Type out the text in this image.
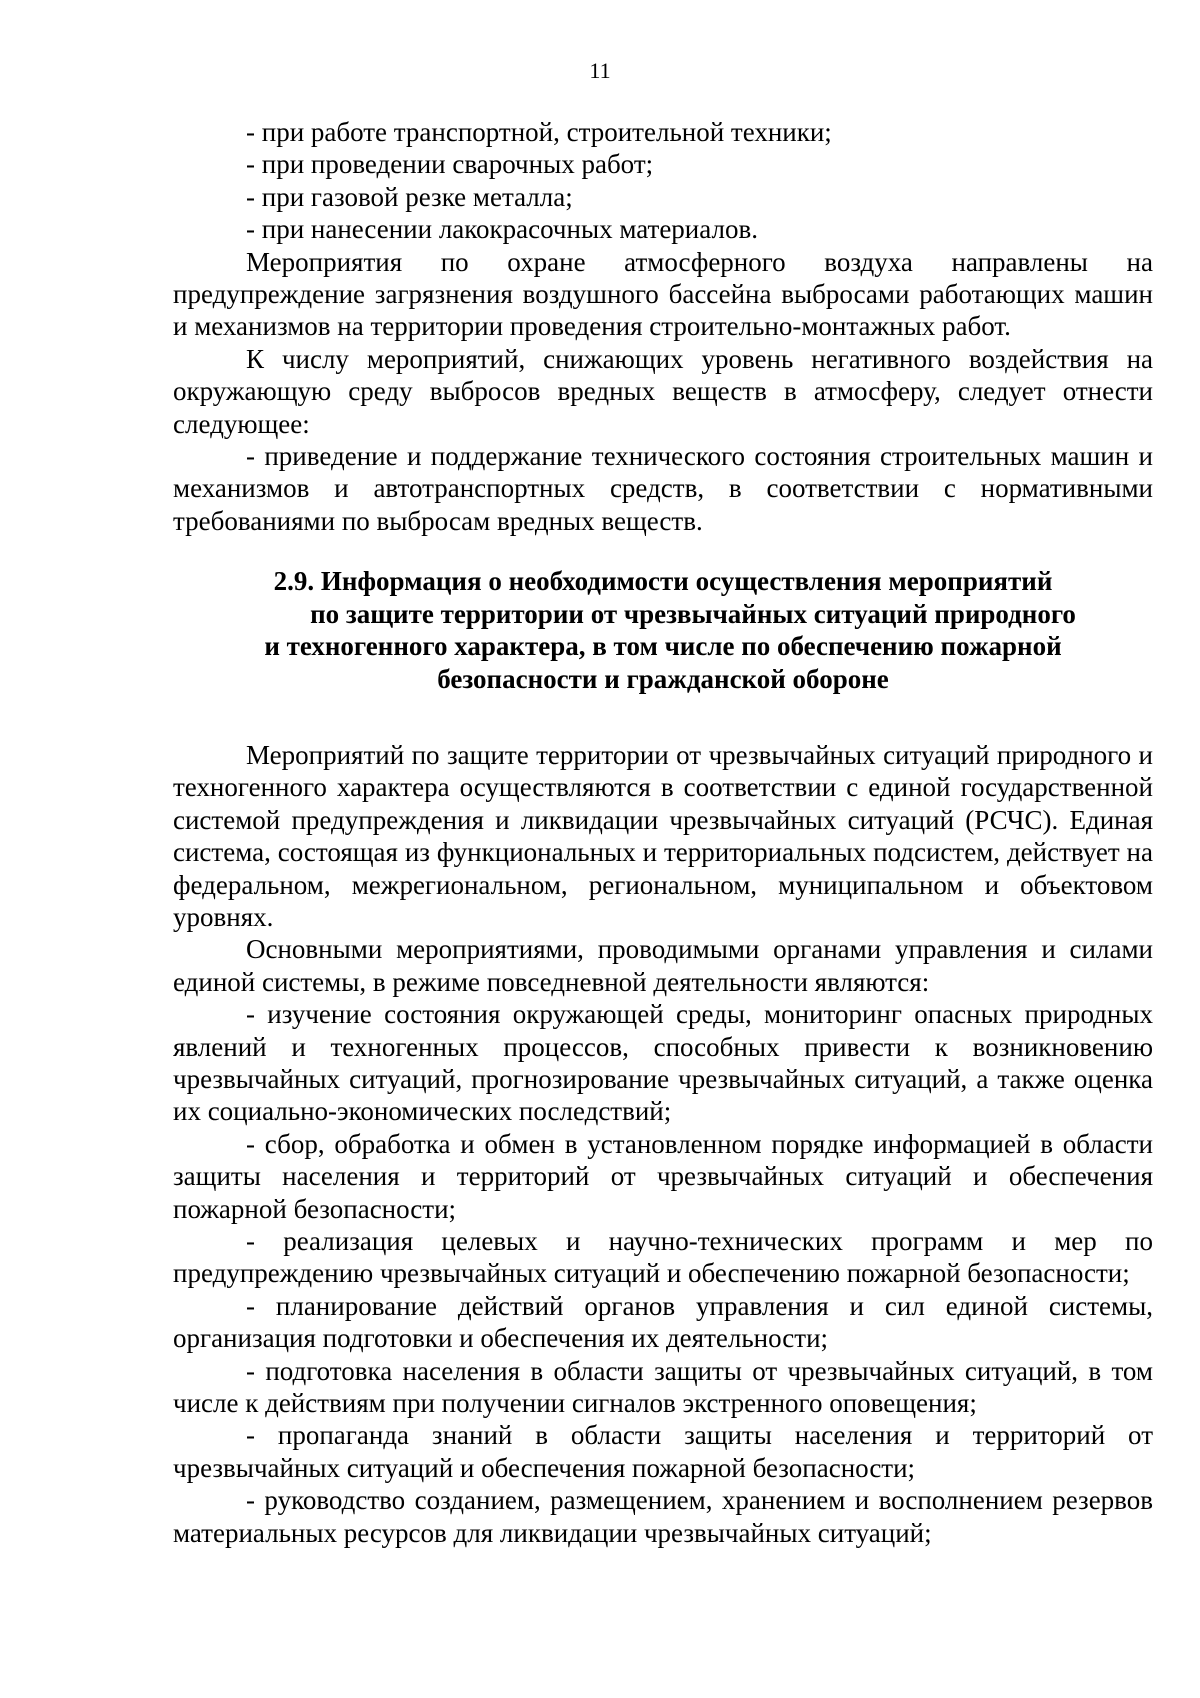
11

- при работе транспортной, строительной техники;

- при проведении сварочных работ;

- при газовой резке металла;

- при нанесении лакокрасочных материалов.

Мероприятия по охране атмосферного воздуха направлены на предупреждение загрязнения воздушного бассейна выбросами работающих машин и механизмов на территории проведения строительно-монтажных работ.

К числу мероприятий, снижающих уровень негативного воздействия на окружающую среду выбросов вредных веществ в атмосферу, следует отнести следующее:

- приведение и поддержание технического состояния строительных машин и механизмов и автотранспортных средств, в соответствии с нормативными требованиями по выбросам вредных веществ.

2.9. Информация о необходимости осуществления мероприятий
по защите территории от чрезвычайных ситуаций природного
и техногенного характера, в том числе по обеспечению пожарной
безопасности и гражданской обороне

Мероприятий по защите территории от чрезвычайных ситуаций природного и техногенного характера осуществляются в соответствии с единой государственной системой предупреждения и ликвидации чрезвычайных ситуаций (РСЧС). Единая система, состоящая из функциональных и территориальных подсистем, действует на федеральном, межрегиональном, региональном, муниципальном и объектовом уровнях.

Основными мероприятиями, проводимыми органами управления и силами единой системы, в режиме повседневной деятельности являются:

- изучение состояния окружающей среды, мониторинг опасных природных явлений и техногенных процессов, способных привести к возникновению чрезвычайных ситуаций, прогнозирование чрезвычайных ситуаций, а также оценка их социально-экономических последствий;

- сбор, обработка и обмен в установленном порядке информацией в области защиты населения и территорий от чрезвычайных ситуаций и обеспечения пожарной безопасности;

- реализация целевых и научно-технических программ и мер по предупреждению чрезвычайных ситуаций и обеспечению пожарной безопасности;

- планирование действий органов управления и сил единой системы, организация подготовки и обеспечения их деятельности;

- подготовка населения в области защиты от чрезвычайных ситуаций, в том числе к действиям при получении сигналов экстренного оповещения;

- пропаганда знаний в области защиты населения и территорий от чрезвычайных ситуаций и обеспечения пожарной безопасности;

- руководство созданием, размещением, хранением и восполнением резервов материальных ресурсов для ликвидации чрезвычайных ситуаций;
